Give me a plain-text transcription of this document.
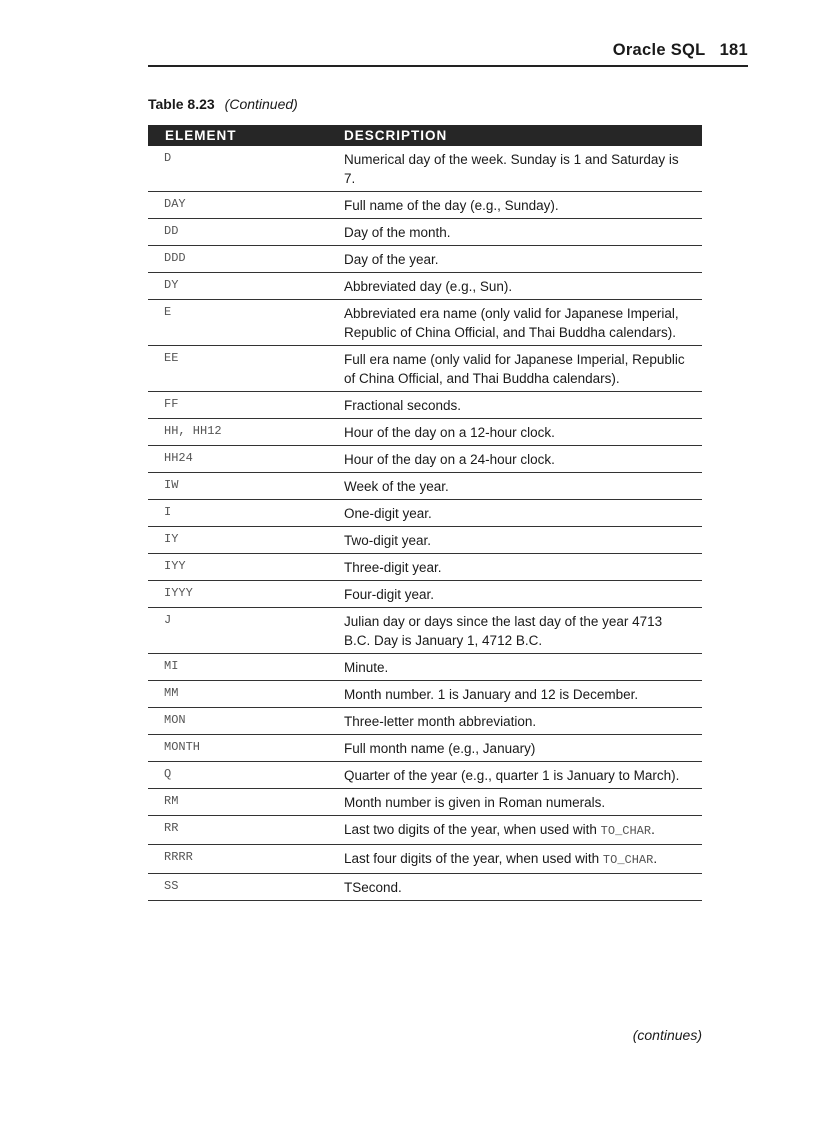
Oracle SQL 181
Table 8.23 (Continued)
ELEMENT	DESCRIPTION
D	Numerical day of the week. Sunday is 1 and Saturday is 7.
DAY	Full name of the day (e.g., Sunday).
DD	Day of the month.
DDD	Day of the year.
DY	Abbreviated day (e.g., Sun).
E	Abbreviated era name (only valid for Japanese Imperial, Republic of China Official, and Thai Buddha calendars).
EE	Full era name (only valid for Japanese Imperial, Republic of China Official, and Thai Buddha calendars).
FF	Fractional seconds.
HH, HH12	Hour of the day on a 12-hour clock.
HH24	Hour of the day on a 24-hour clock.
IW	Week of the year.
I	One-digit year.
IY	Two-digit year.
IYY	Three-digit year.
IYYY	Four-digit year.
J	Julian day or days since the last day of the year 4713 B.C. Day is January 1, 4712 B.C.
MI	Minute.
MM	Month number. 1 is January and 12 is December.
MON	Three-letter month abbreviation.
MONTH	Full month name (e.g., January)
Q	Quarter of the year (e.g., quarter 1 is January to March).
RM	Month number is given in Roman numerals.
RR	Last two digits of the year, when used with TO_CHAR.
RRRR	Last four digits of the year, when used with TO_CHAR.
SS	TSecond.
(continues)
